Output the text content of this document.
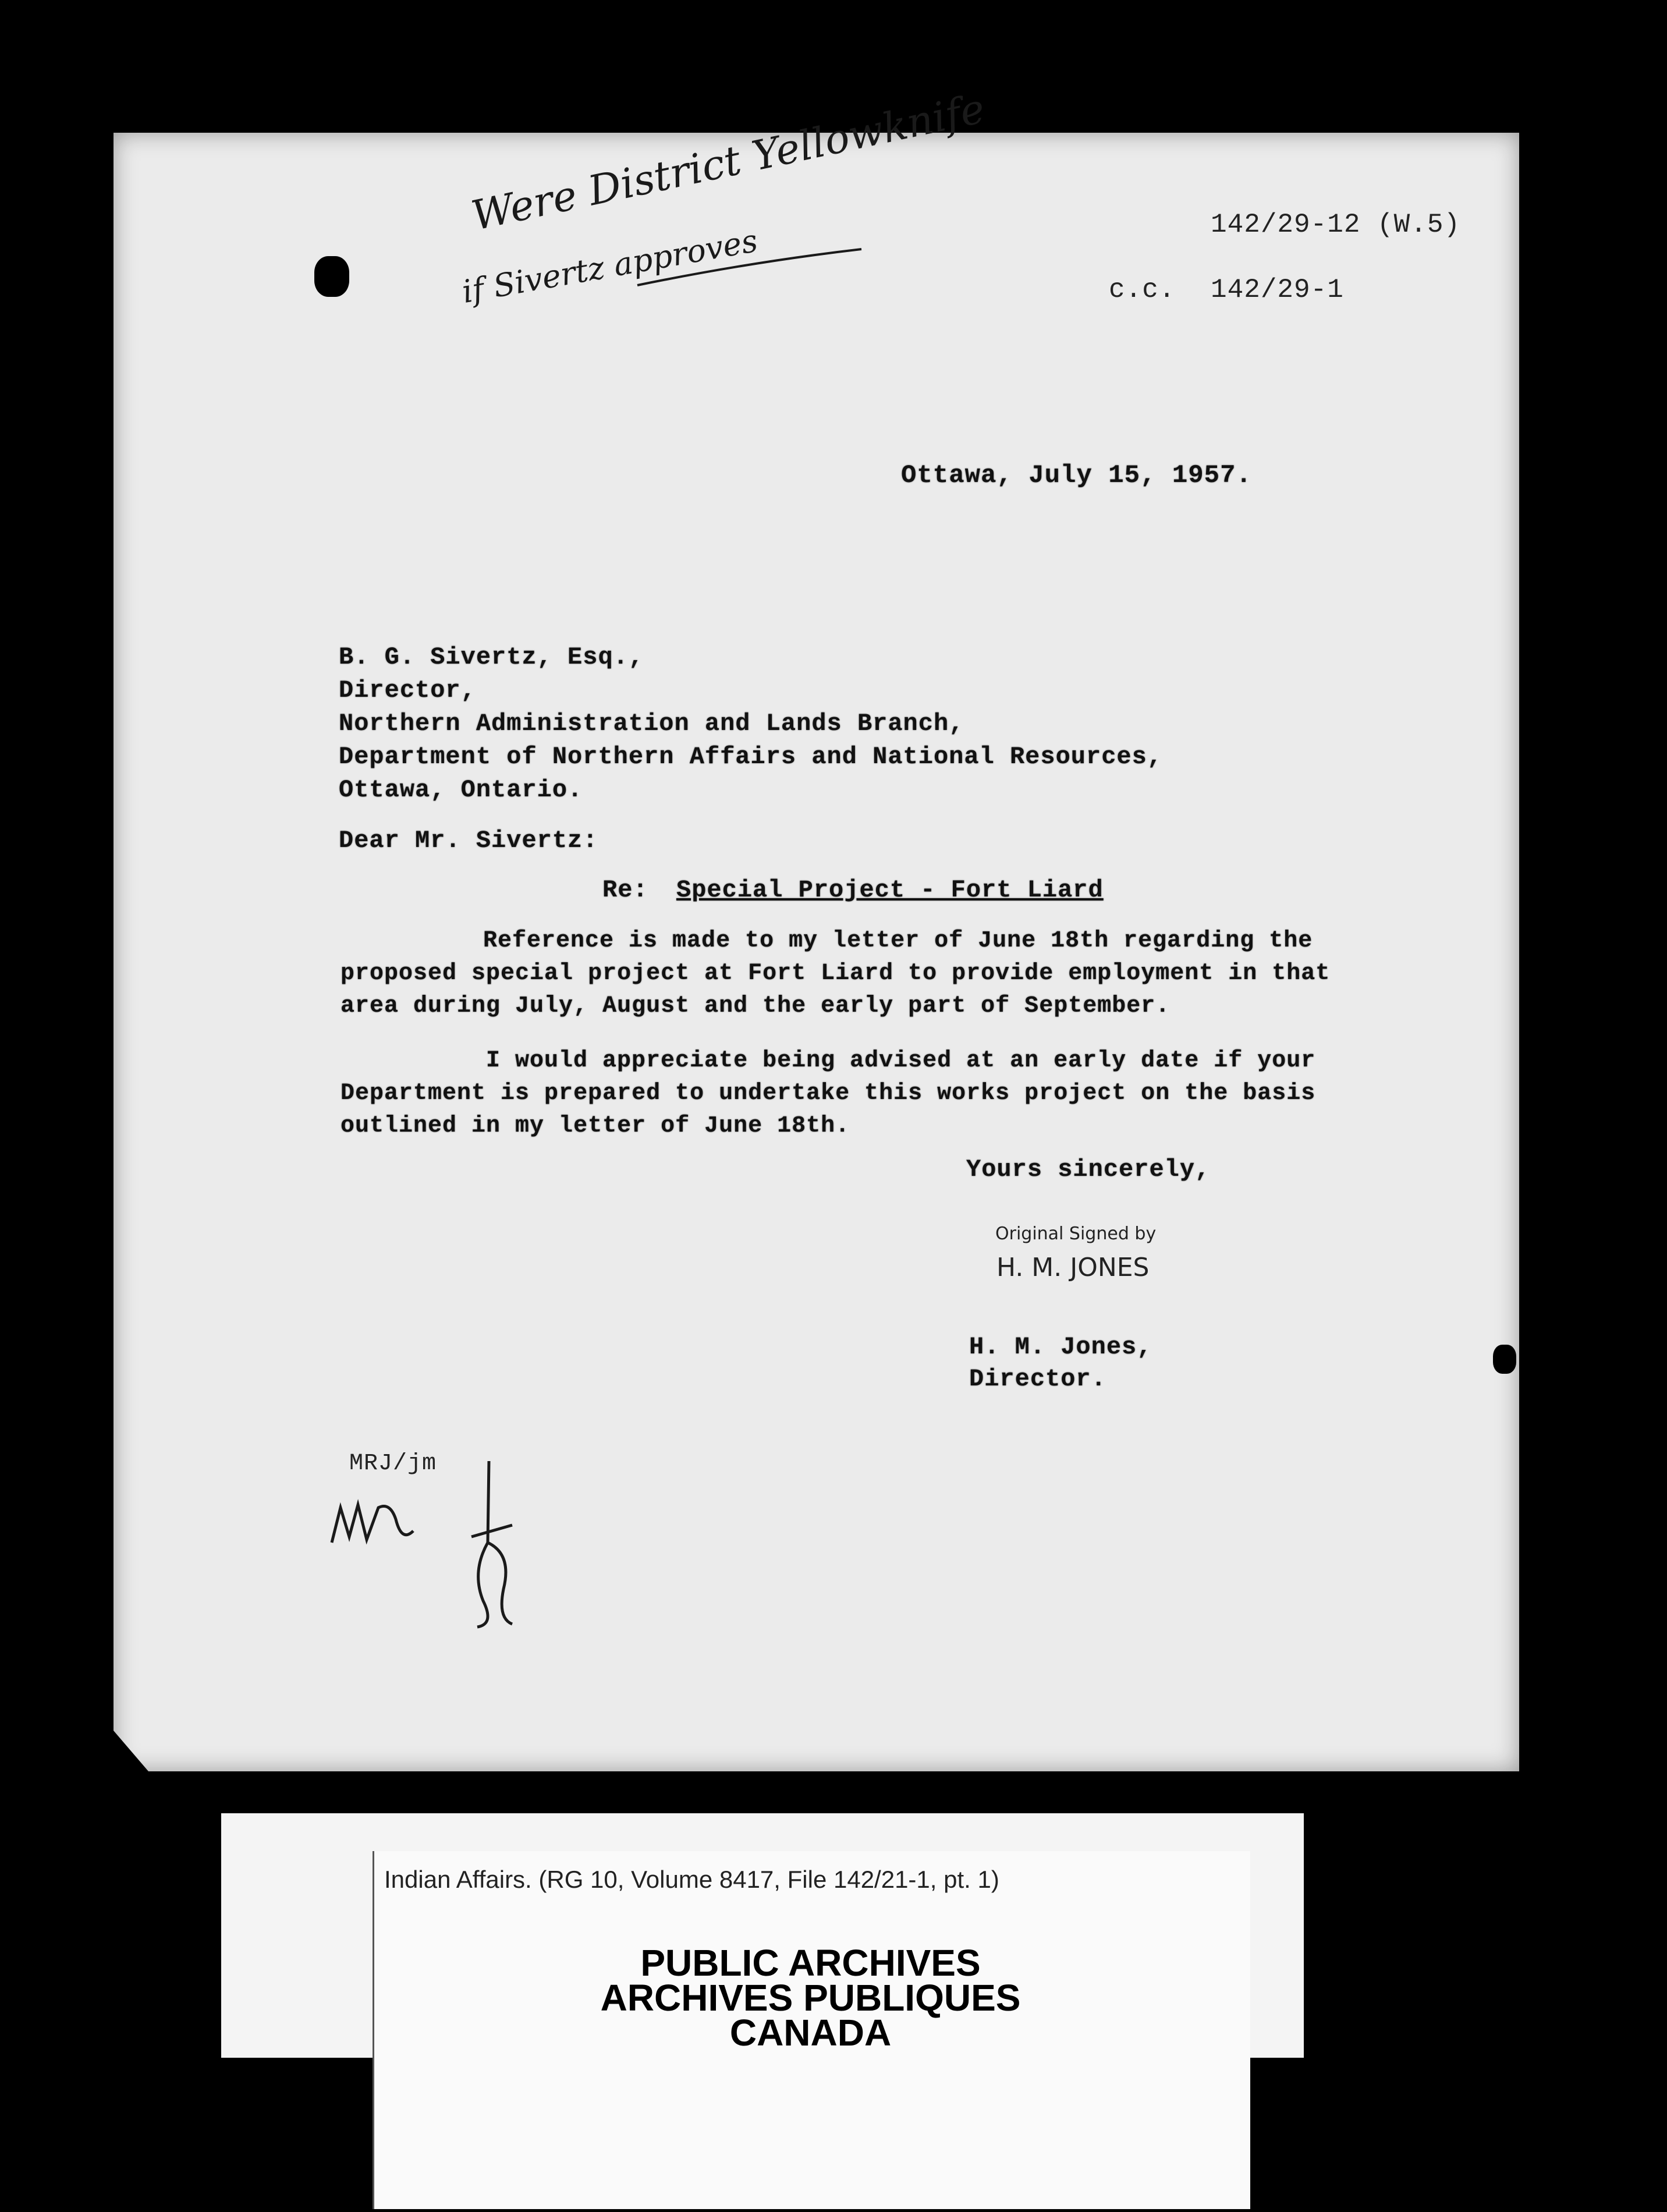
Were District Yellowknife
if Sivertz approves	142/29-12 (W.5)
c.c. 142/29-1
Ottawa, July 15, 1957.
B. G. Sivertz, Esq.,
Director,
Northern Administration and Lands Branch,
Department of Northern Affairs and National Resources,
Ottawa, Ontario.
Dear Mr. Sivertz:
Re: Special Project - Fort Liard
Reference is made to my letter of June 18th regarding the
proposed special project at Fort Liard to provide employment in that
area during July, August and the early part of September.
I would appreciate being advised at an early date if your
Department is prepared to undertake this works project on the basis
outlined in my letter of June 18th.
Yours sincerely,
Original Signed by
H. M. JONES
H. M. Jones,
Director.
MRJ/jm
Indian Affairs. (RG 10, Volume 8417, File 142/21-1, pt. 1)
PUBLIC ARCHIVES
ARCHIVES PUBLIQUES
CANADA
